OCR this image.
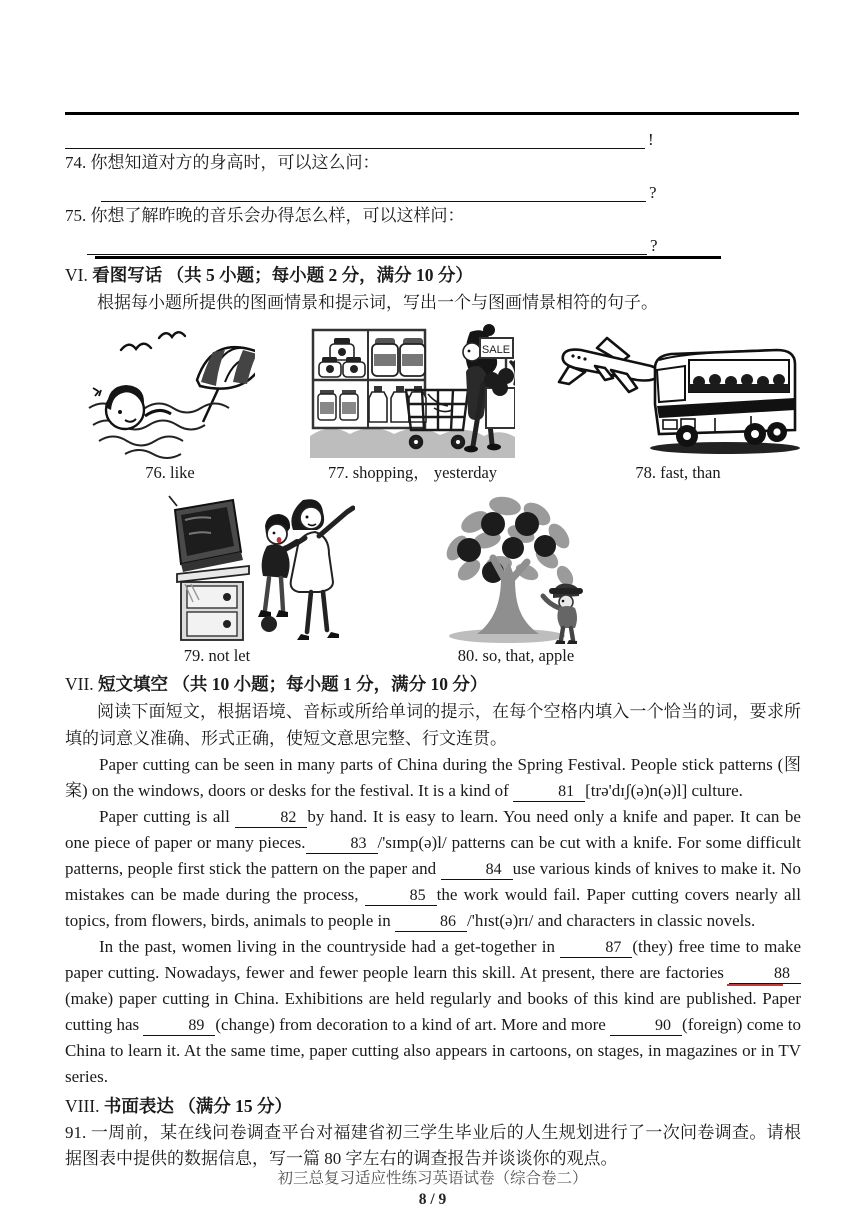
!
74. 你想知道对方的身高时，可以这么问：
?
75. 你想了解昨晚的音乐会办得怎么样，可以这样问：
?
VI. 看图写话 （共 5 小题；每小题 2 分，满分 10 分）

根据每小题所提供的图画情景和提示词，写出一个与图画情景相符的句子。

76. like
SALE
77. shopping， yesterday	78. fast, than
79. not let	80. so, that, apple
VII. 短文填空 （共 10 小题；每小题 1 分，满分 10 分）

阅读下面短文，根据语境、音标或所给单词的提示，在每个空格内填入一个恰当的词，要求所填的词意义准确、形式正确，使短文意思完整、行文连贯。

Paper cutting can be seen in many parts of China during the Spring Festival. People stick patterns (图案) on the windows, doors or desks for the festival. It is a kind of	81 [trə'dɪʃ(ə)n(ə)l] culture.

Paper cutting is all	82 by hand. It is easy to learn. You need only a knife and paper. It can be one piece of paper or many pieces.	83 /'sɪmp(ə)l/ patterns can be cut with a knife. For some difficult patterns, people first stick the pattern on the paper and	84 use various kinds of knives to make it. No mistakes can be made during the process,	85 the work would fail. Paper cutting covers nearly all topics, from flowers, birds, animals to people in	86 /'hɪst(ə)rɪ/ and characters in classic novels.

In the past, women living in the countryside had a get-together in	87 (they) free time to make paper cutting. Nowadays, fewer and fewer people learn this skill. At present, there are factories	88(make) paper cutting in China. Exhibitions are held regularly and books of this kind are published. Paper cutting has	89 (change) from decoration to a kind of art. More and more	90 (foreign) come to China to learn it. At the same time, paper cutting also appears in cartoons, on stages, in magazines or in TV series.

VIII. 书面表达 （满分 15 分）

91. 一周前，某在线问卷调查平台对福建省初三学生毕业后的人生规划进行了一次问卷调查。请根据图表中提供的数据信息，写一篇 80 字左右的调查报告并谈谈你的观点。

初三总复习适应性练习英语试卷（综合卷二）
8 / 9
